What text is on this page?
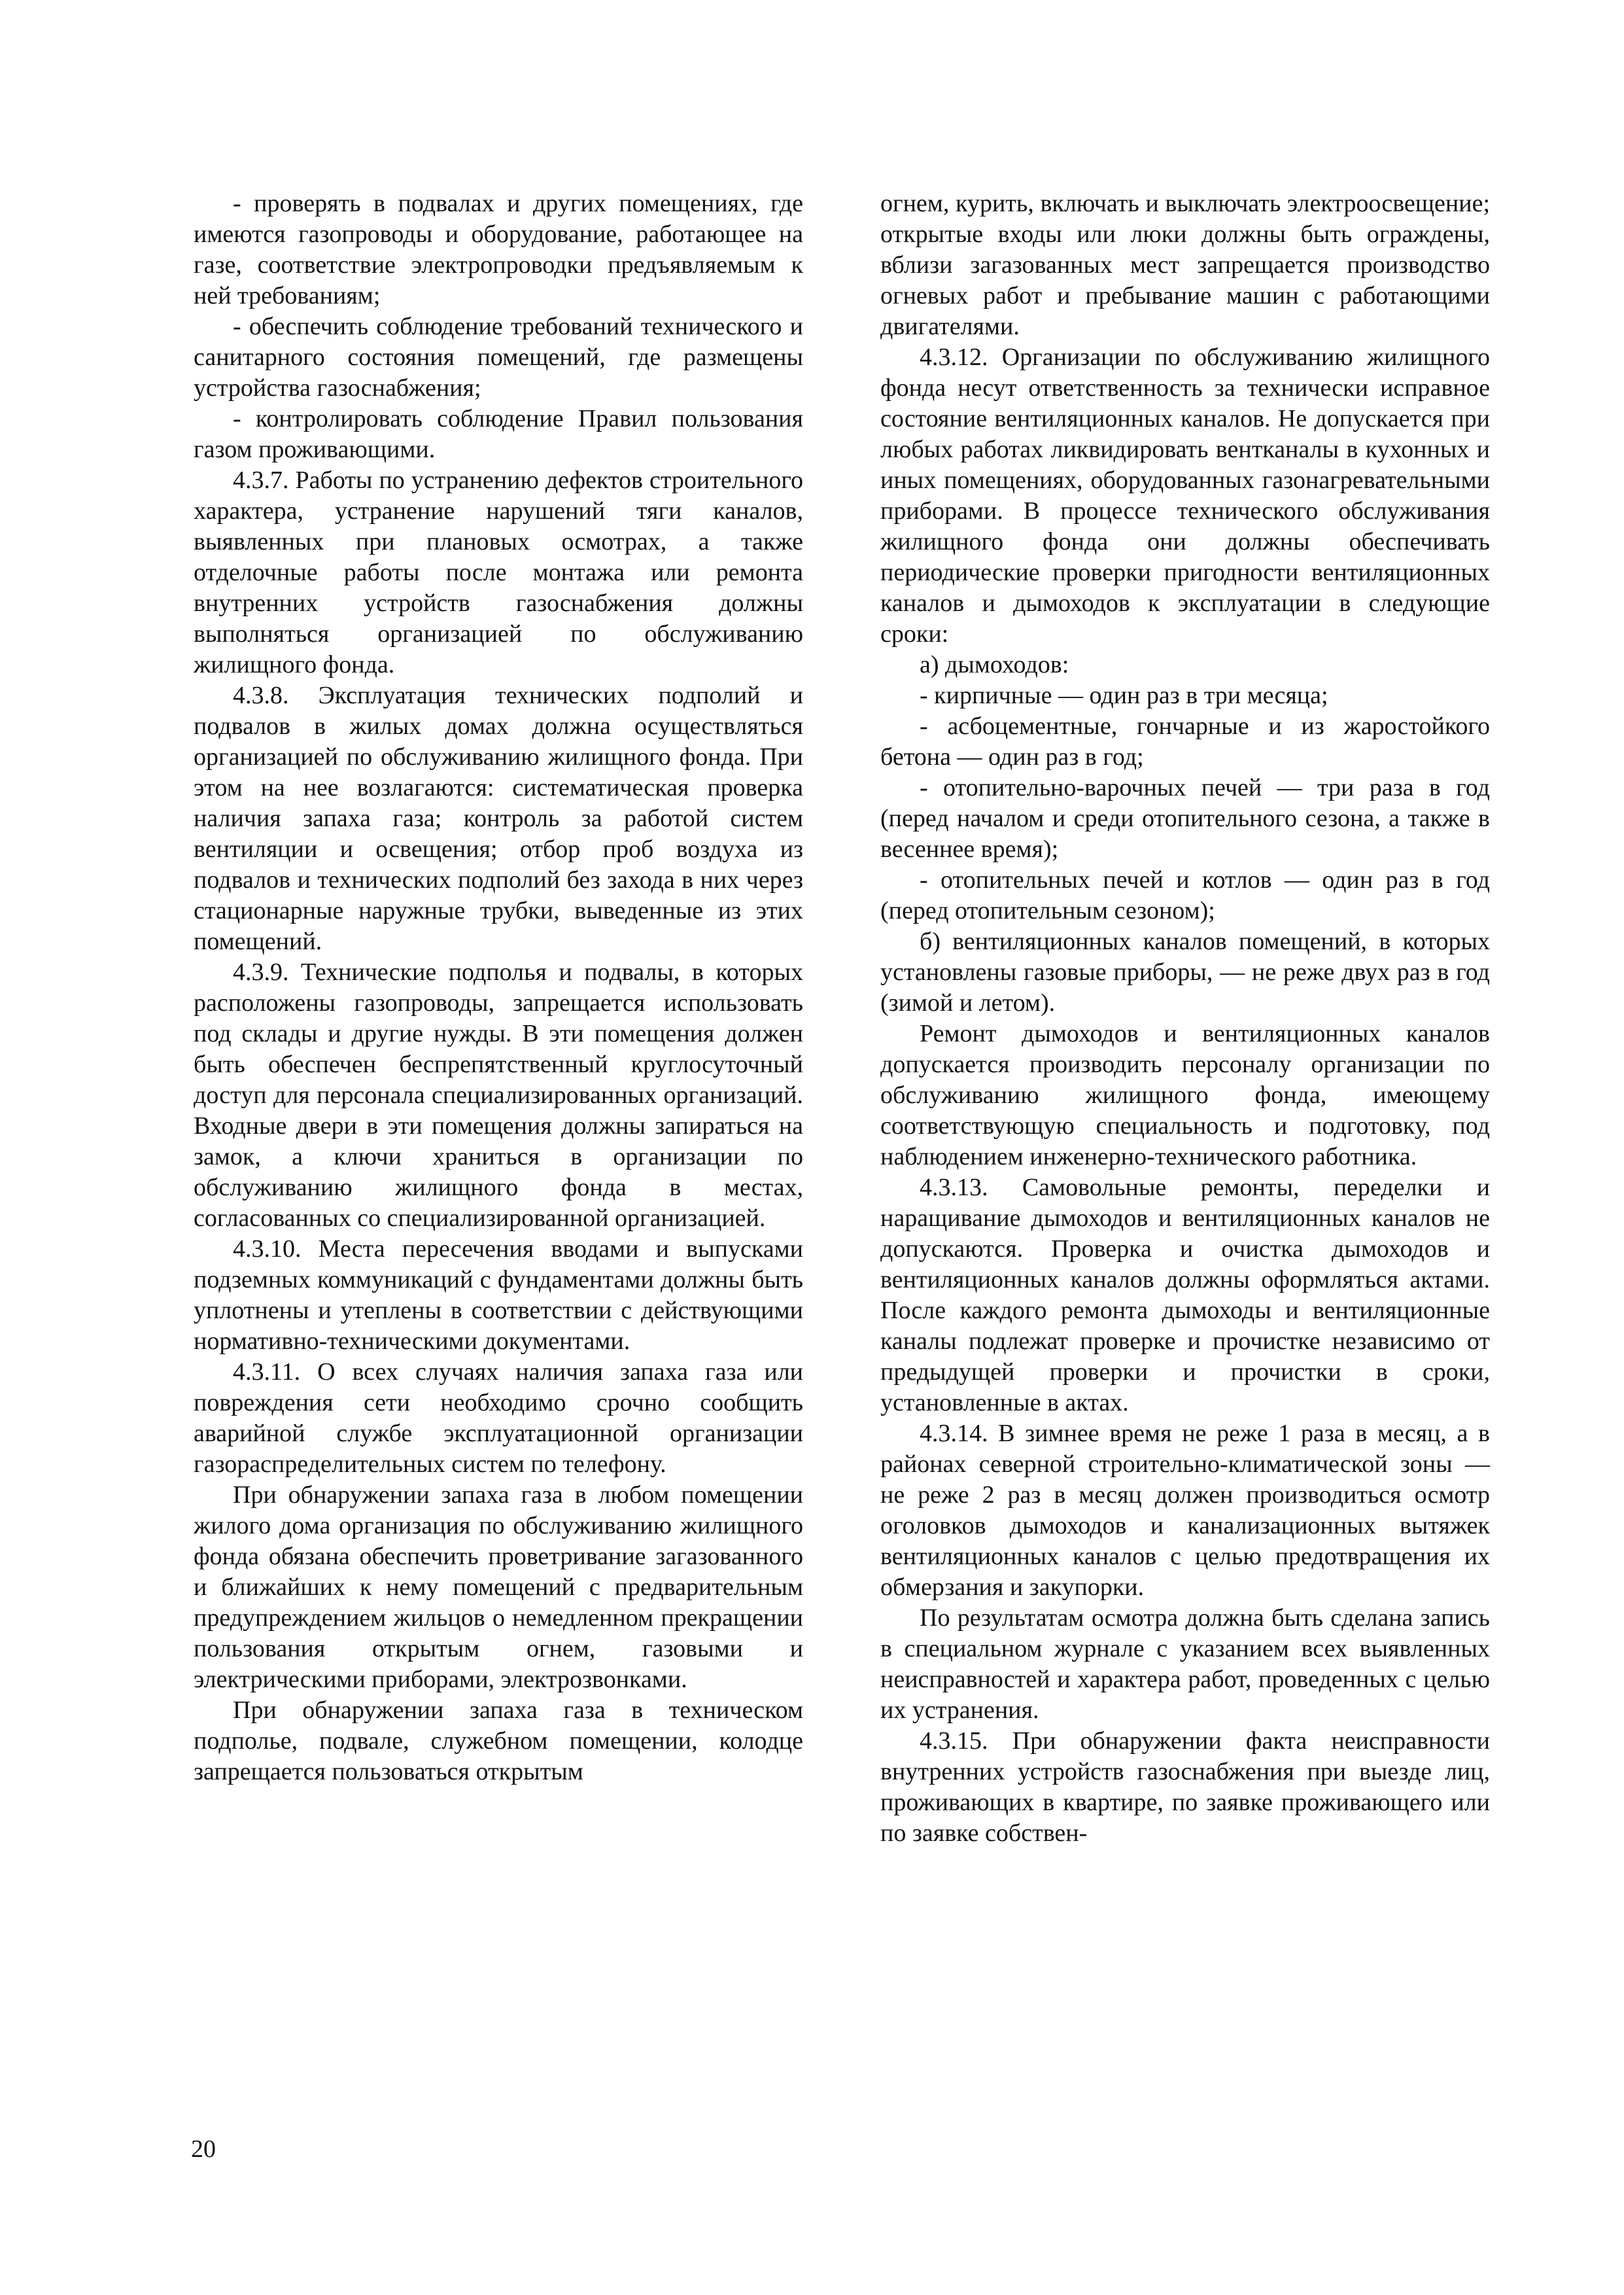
- проверять в подвалах и других помещениях, где имеются газопроводы и оборудование, работающее на газе, соответствие электропроводки предъявляемым к ней требованиям;

- обеспечить соблюдение требований технического и санитарного состояния помещений, где размещены устройства газоснабжения;

- контролировать соблюдение Правил пользования газом проживающими.

4.3.7. Работы по устранению дефектов строительного характера, устранение нарушений тяги каналов, выявленных при плановых осмотрах, а также отделочные работы после монтажа или ремонта внутренних устройств газоснабжения должны выполняться организацией по обслуживанию жилищного фонда.

4.3.8. Эксплуатация технических подполий и подвалов в жилых домах должна осуществляться организацией по обслуживанию жилищного фонда. При этом на нее возлагаются: систематическая проверка наличия запаха газа; контроль за работой систем вентиляции и освещения; отбор проб воздуха из подвалов и технических подполий без захода в них через стационарные наружные трубки, выведенные из этих помещений.

4.3.9. Технические подполья и подвалы, в которых расположены газопроводы, запрещается использовать под склады и другие нужды. В эти помещения должен быть обеспечен беспрепятственный круглосуточный доступ для персонала специализированных организаций. Входные двери в эти помещения должны запираться на замок, а ключи храниться в организации по обслуживанию жилищного фонда в местах, согласованных со специализированной организацией.

4.3.10. Места пересечения вводами и выпусками подземных коммуникаций с фундаментами должны быть уплотнены и утеплены в соответствии с действующими нормативно-техническими документами.

4.3.11. О всех случаях наличия запаха газа или повреждения сети необходимо срочно сообщить аварийной службе эксплуатационной организации газораспределительных систем по телефону.

При обнаружении запаха газа в любом помещении жилого дома организация по обслуживанию жилищного фонда обязана обеспечить проветривание загазованного и ближайших к нему помещений с предварительным предупреждением жильцов о немедленном прекращении пользования открытым огнем, газовыми и электрическими приборами, электрозвонками.

При обнаружении запаха газа в техническом подполье, подвале, служебном помещении, колодце запрещается пользоваться открытым

огнем, курить, включать и выключать электроосвещение; открытые входы или люки должны быть ограждены, вблизи загазованных мест запрещается производство огневых работ и пребывание машин с работающими двигателями.

4.3.12. Организации по обслуживанию жилищного фонда несут ответственность за технически исправное состояние вентиляционных каналов. Не допускается при любых работах ликвидировать вентканалы в кухонных и иных помещениях, оборудованных газонагревательными приборами. В процессе технического обслуживания жилищного фонда они должны обеспечивать периодические проверки пригодности вентиляционных каналов и дымоходов к эксплуатации в следующие сроки:

а) дымоходов:

- кирпичные — один раз в три месяца;

- асбоцементные, гончарные и из жаростойкого бетона — один раз в год;

- отопительно-варочных печей — три раза в год (перед началом и среди отопительного сезона, а также в весеннее время);

- отопительных печей и котлов — один раз в год (перед отопительным сезоном);

б) вентиляционных каналов помещений, в которых установлены газовые приборы, — не реже двух раз в год (зимой и летом).

Ремонт дымоходов и вентиляционных каналов допускается производить персоналу организации по обслуживанию жилищного фонда, имеющему соответствующую специальность и подготовку, под наблюдением инженерно-технического работника.

4.3.13. Самовольные ремонты, переделки и наращивание дымоходов и вентиляционных каналов не допускаются. Проверка и очистка дымоходов и вентиляционных каналов должны оформляться актами. После каждого ремонта дымоходы и вентиляционные каналы подлежат проверке и прочистке независимо от предыдущей проверки и прочистки в сроки, установленные в актах.

4.3.14. В зимнее время не реже 1 раза в месяц, а в районах северной строительно-климатической зоны — не реже 2 раз в месяц должен производиться осмотр оголовков дымоходов и канализационных вытяжек вентиляционных каналов с целью предотвращения их обмерзания и закупорки.

По результатам осмотра должна быть сделана запись в специальном журнале с указанием всех выявленных неисправностей и характера работ, проведенных с целью их устранения.

4.3.15. При обнаружении факта неисправности внутренних устройств газоснабжения при выезде лиц, проживающих в квартире, по заявке проживающего или по заявке собствен-

20
